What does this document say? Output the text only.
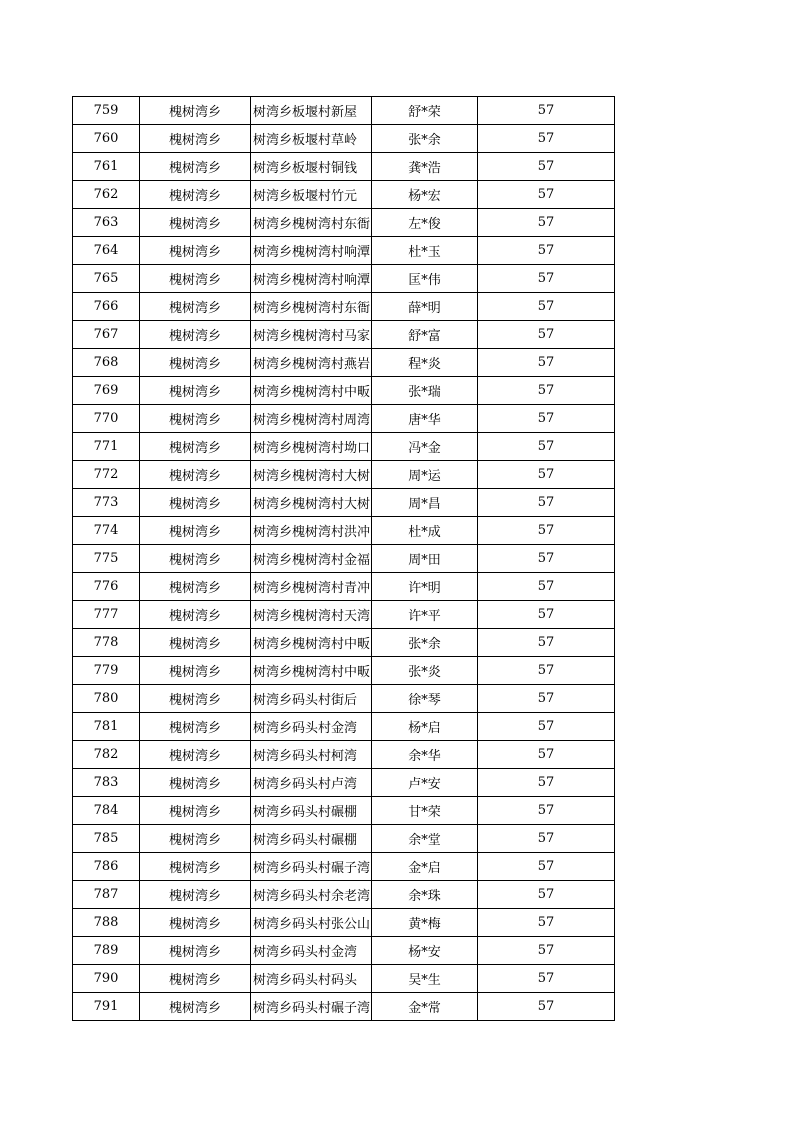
759	槐树湾乡	树湾乡板堰村新屋	舒*荣	57
760	槐树湾乡	树湾乡板堰村草岭	张*余	57
761	槐树湾乡	树湾乡板堰村铜钱	龚*浩	57
762	槐树湾乡	树湾乡板堰村竹元	杨*宏	57
763	槐树湾乡	树湾乡槐树湾村东衙	左*俊	57
764	槐树湾乡	树湾乡槐树湾村响潭	杜*玉	57
765	槐树湾乡	树湾乡槐树湾村响潭	匡*伟	57
766	槐树湾乡	树湾乡槐树湾村东衙	薛*明	57
767	槐树湾乡	树湾乡槐树湾村马家	舒*富	57
768	槐树湾乡	树湾乡槐树湾村燕岩	程*炎	57
769	槐树湾乡	树湾乡槐树湾村中畈	张*瑞	57
770	槐树湾乡	树湾乡槐树湾村周湾	唐*华	57
771	槐树湾乡	树湾乡槐树湾村坳口	冯*金	57
772	槐树湾乡	树湾乡槐树湾村大树	周*运	57
773	槐树湾乡	树湾乡槐树湾村大树	周*昌	57
774	槐树湾乡	树湾乡槐树湾村洪冲	杜*成	57
775	槐树湾乡	树湾乡槐树湾村金福	周*田	57
776	槐树湾乡	树湾乡槐树湾村青冲	许*明	57
777	槐树湾乡	树湾乡槐树湾村天湾	许*平	57
778	槐树湾乡	树湾乡槐树湾村中畈	张*余	57
779	槐树湾乡	树湾乡槐树湾村中畈	张*炎	57
780	槐树湾乡	树湾乡码头村街后	徐*琴	57
781	槐树湾乡	树湾乡码头村金湾	杨*启	57
782	槐树湾乡	树湾乡码头村柯湾	余*华	57
783	槐树湾乡	树湾乡码头村卢湾	卢*安	57
784	槐树湾乡	树湾乡码头村碾棚	甘*荣	57
785	槐树湾乡	树湾乡码头村碾棚	余*堂	57
786	槐树湾乡	树湾乡码头村碾子湾	金*启	57
787	槐树湾乡	树湾乡码头村余老湾	余*珠	57
788	槐树湾乡	树湾乡码头村张公山	黄*梅	57
789	槐树湾乡	树湾乡码头村金湾	杨*安	57
790	槐树湾乡	树湾乡码头村码头	吴*生	57
791	槐树湾乡	树湾乡码头村碾子湾	金*常	57
